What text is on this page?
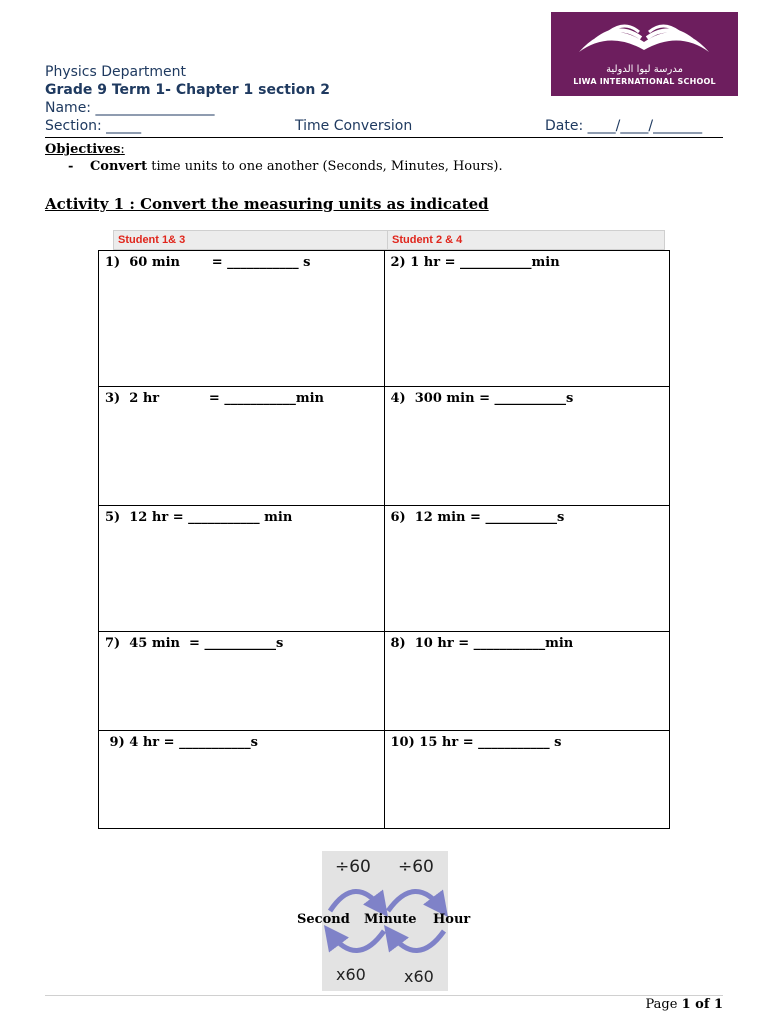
Physics Department
Grade 9 Term 1- Chapter 1 section 2
Name: _________________
Section: _____	Time Conversion	Date: ____/____/_______
مدرسة ليوا الدولية
LIWA INTERNATIONAL SCHOOL
Objectives:
- Convert time units to one another (Seconds, Minutes, Hours).
Activity 1 : Convert the measuring units as indicated
Student 1& 3	Student 2 & 4
1)  60 min       = ___________ s	2) 1 hr = ___________min
3)  2 hr           = ___________min	4)  300 min = ___________s
5)  12 hr = ___________ min	6)  12 min = ___________s
7)  45 min  = ___________s	8)  10 hr = ___________min
9) 4 hr = ___________s	10) 15 hr = ___________ s
÷60 ÷60
Second Minute Hour
x60 x60
Page 1 of 1
